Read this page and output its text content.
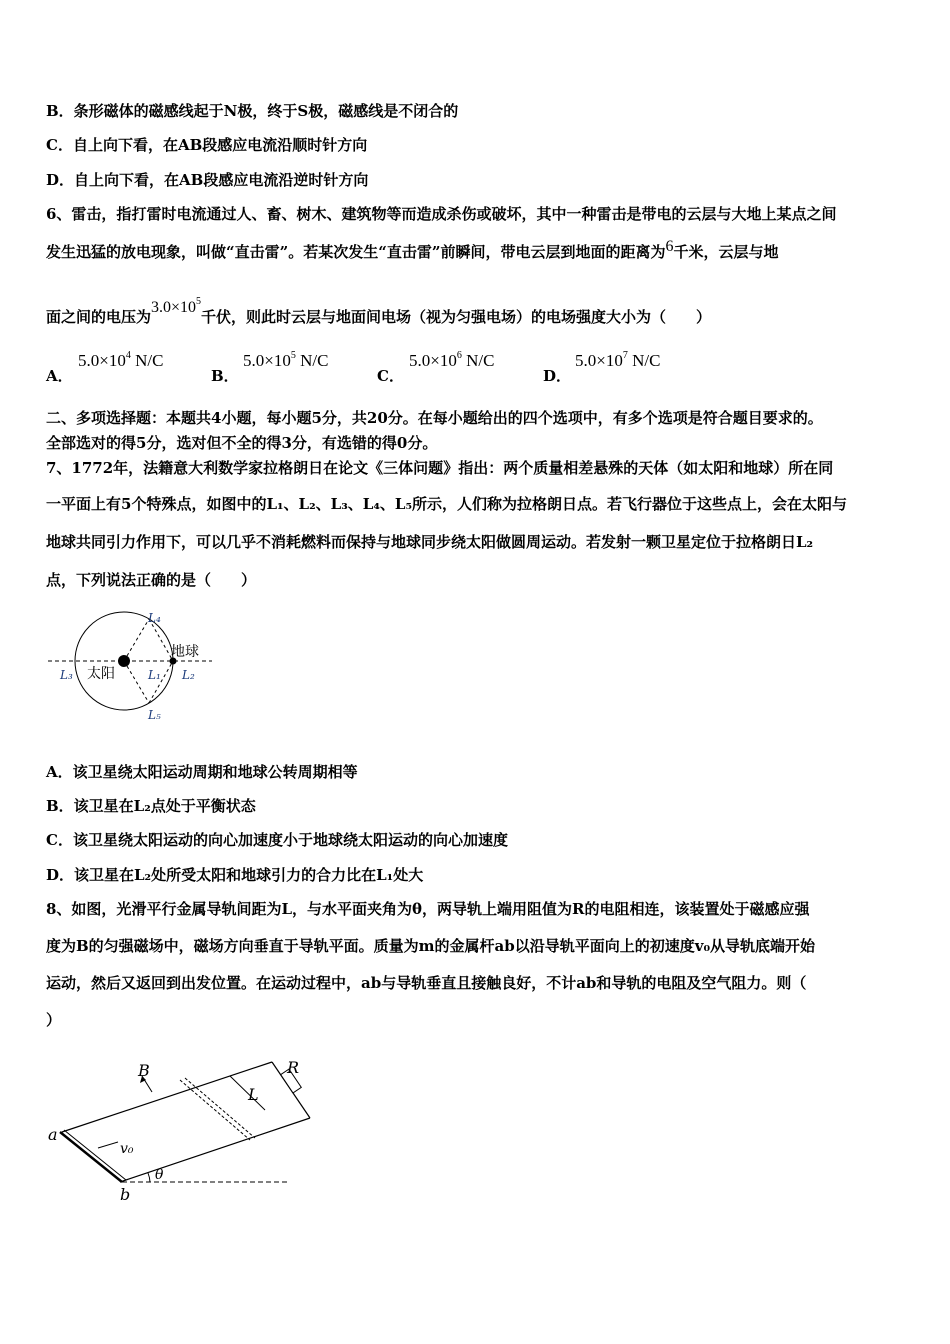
B．条形磁体的磁感线起于N极，终于S极，磁感线是不闭合的
C．自上向下看，在AB段感应电流沿顺时针方向
D．自上向下看，在AB段感应电流沿逆时针方向
6、雷击，指打雷时电流通过人、畜、树木、建筑物等而造成杀伤或破坏，其中一种雷击是带电的云层与大地上某点之间
发生迅猛的放电现象，叫做“直击雷”。若某次发生“直击雷”前瞬间，带电云层到地面的距离为6千米，云层与地
面之间的电压为$3.0\times 10^5$千伏，则此时云层与地面间电场（视为匀强电场）的电场强度大小为（　　）
A．
$5.0\times 10^4$ N/C
B．
$5.0\times 10^5$ N/C
C．
$5.0\times 10^6$ N/C
D．
$5.0\times 10^7$ N/C
二、多项选择题：本题共4小题，每小题5分，共20分。在每小题给出的四个选项中，有多个选项是符合题目要求的。
全部选对的得5分，选对但不全的得3分，有选错的得0分。
7、1772年，法籍意大利数学家拉格朗日在论文《三体问题》指出：两个质量相差悬殊的天体（如太阳和地球）所在同
一平面上有5个特殊点，如图中的L₁、L₂、L₃、L₄、L₅所示，人们称为拉格朗日点。若飞行器位于这些点上，会在太阳与
地球共同引力作用下，可以几乎不消耗燃料而保持与地球同步绕太阳做圆周运动。若发射一颗卫星定位于拉格朗日L₂
点，下列说法正确的是（　　）
太阳
地球
L₄
L₅
L₃	L₁ L₂
A．该卫星绕太阳运动周期和地球公转周期相等
B．该卫星在L₂点处于平衡状态
C．该卫星绕太阳运动的向心加速度小于地球绕太阳运动的向心加速度
D．该卫星在L₂处所受太阳和地球引力的合力比在L₁处大
8、如图，光滑平行金属导轨间距为L，与水平面夹角为θ，两导轨上端用阻值为R的电阻相连，该装置处于磁感应强
度为B的匀强磁场中，磁场方向垂直于导轨平面。质量为m的金属杆ab以沿导轨平面向上的初速度v₀从导轨底端开始
运动，然后又返回到出发位置。在运动过程中，ab与导轨垂直且接触良好，不计ab和导轨的电阻及空气阻力。则（
）
B	R
L
a
b
v₀
θ
